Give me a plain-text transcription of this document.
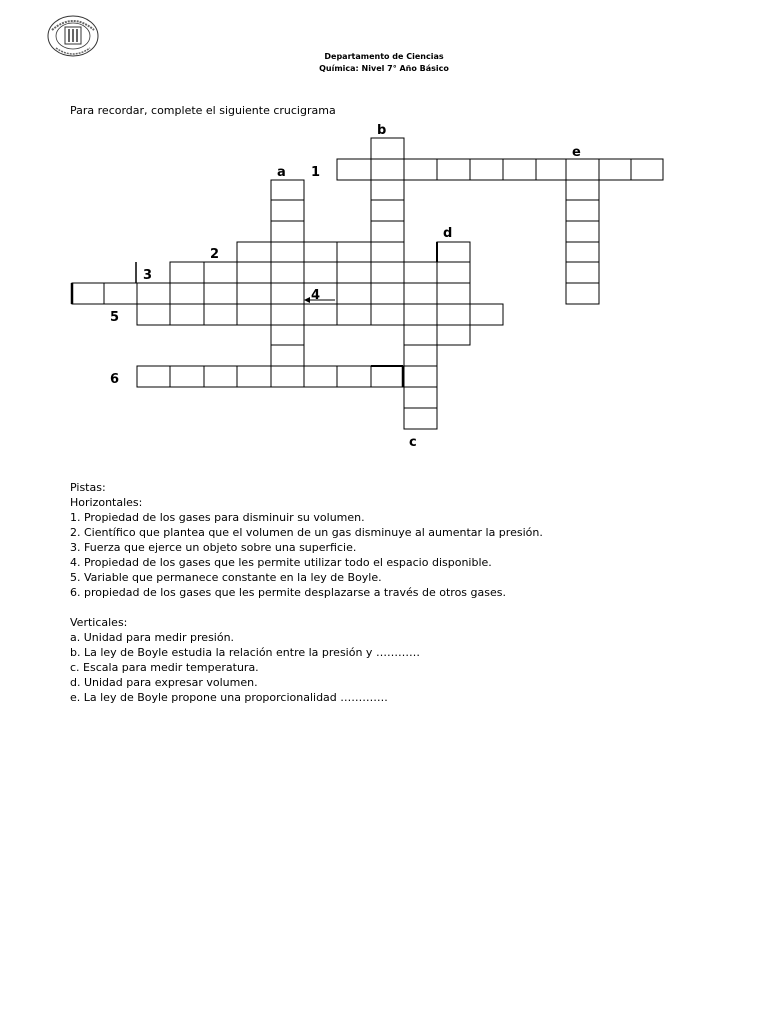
Departamento de Ciencias
Química: Nivel 7° Año Básico
Para recordar, complete el siguiente crucigrama
b
e
a 1
d
2
3
4
5
6
c
Pistas:
Horizontales:
1. Propiedad de los gases para disminuir su volumen.
2. Científico que plantea que el volumen de un gas disminuye al aumentar la presión.
3. Fuerza que ejerce un objeto sobre una superficie.
4. Propiedad de los gases que les permite utilizar todo el espacio disponible.
5. Variable que permanece constante en la ley de Boyle.
6. propiedad de los gases que les permite desplazarse a través de otros gases.
Verticales:
a. Unidad para medir presión.
b. La ley de Boyle estudia la relación entre la presión y …………
c. Escala para medir temperatura.
d. Unidad para expresar volumen.
e. La ley de Boyle propone una proporcionalidad ………….
